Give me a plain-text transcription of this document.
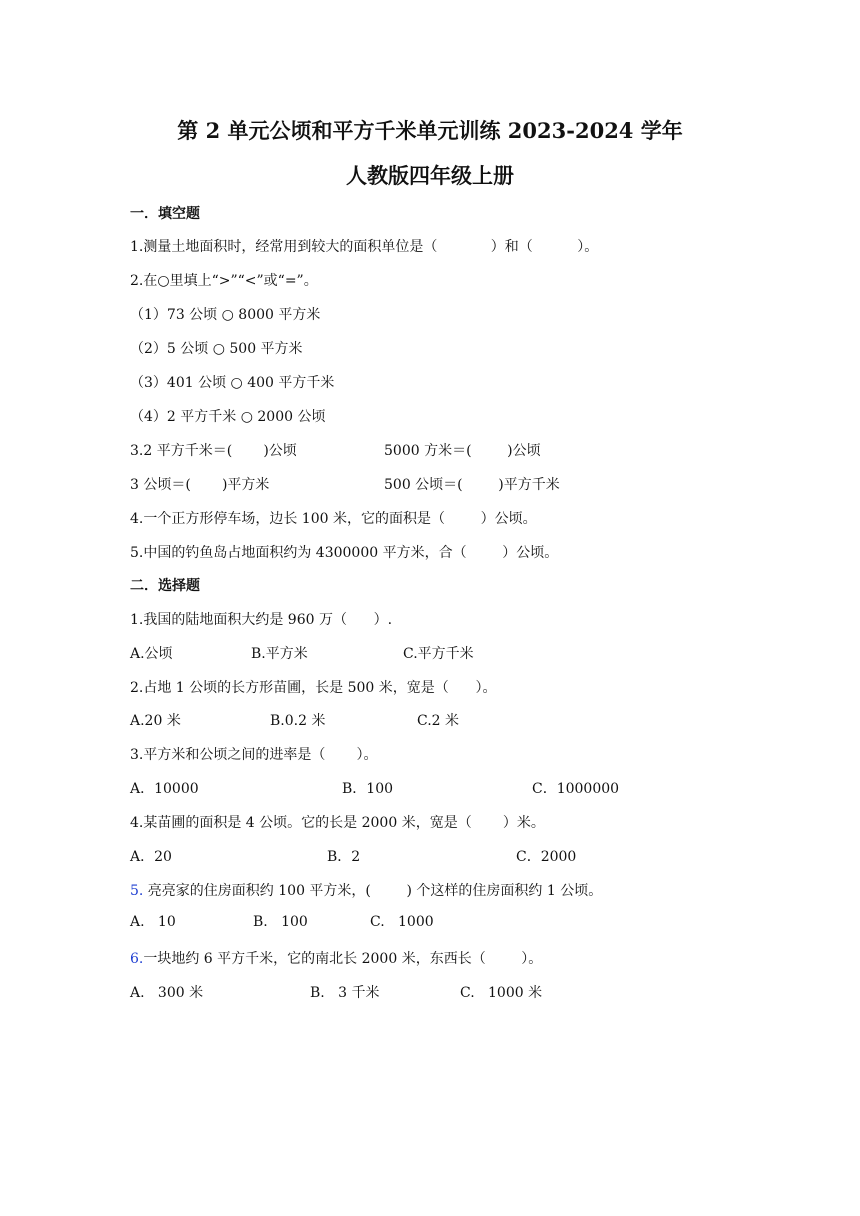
第 2 单元公顷和平方千米单元训练 2023-2024 学年
人教版四年级上册
一．填空题
1.测量土地面积时，经常用到较大的面积单位是（            ）和（          ）。
2.在○里填上“>”“<”或“=”。
（1）73 公顷 ○ 8000 平方米
（2）5 公顷 ○ 500 平方米
（3）401 公顷 ○ 400 平方千米
（4）2 平方千米 ○ 2000 公顷
3.2 平方千米＝(       )公顷	5000 方米＝(        )公顷
3 公顷＝(       )平方米	500 公顷＝(        )平方千米
4.一个正方形停车场，边长 100 米，它的面积是（        ）公顷。
5.中国的钓鱼岛占地面积约为 4300000 平方米，合（        ）公顷。
二．选择题
1.我国的陆地面积大约是 960 万（      ）.
A.公顷	B.平方米	C.平方千米
2.占地 1 公顷的长方形苗圃，长是 500 米，宽是（      ）。
A.20 米	B.0.2 米	C.2 米
3.平方米和公顷之间的进率是（       ）。
A．10000	B．100	C．1000000
4.某苗圃的面积是 4 公顷。它的长是 2000 米，宽是（       ）米。
A．20	B．2	C．2000
5. 亮亮家的住房面积约 100 平方米，(        ) 个这样的住房面积约 1 公顷。
A.   10	B.   100	C.   1000
6.一块地约 6 平方千米，它的南北长 2000 米，东西长（        ）。
A.   300 米	B.   3 千米	C.   1000 米
